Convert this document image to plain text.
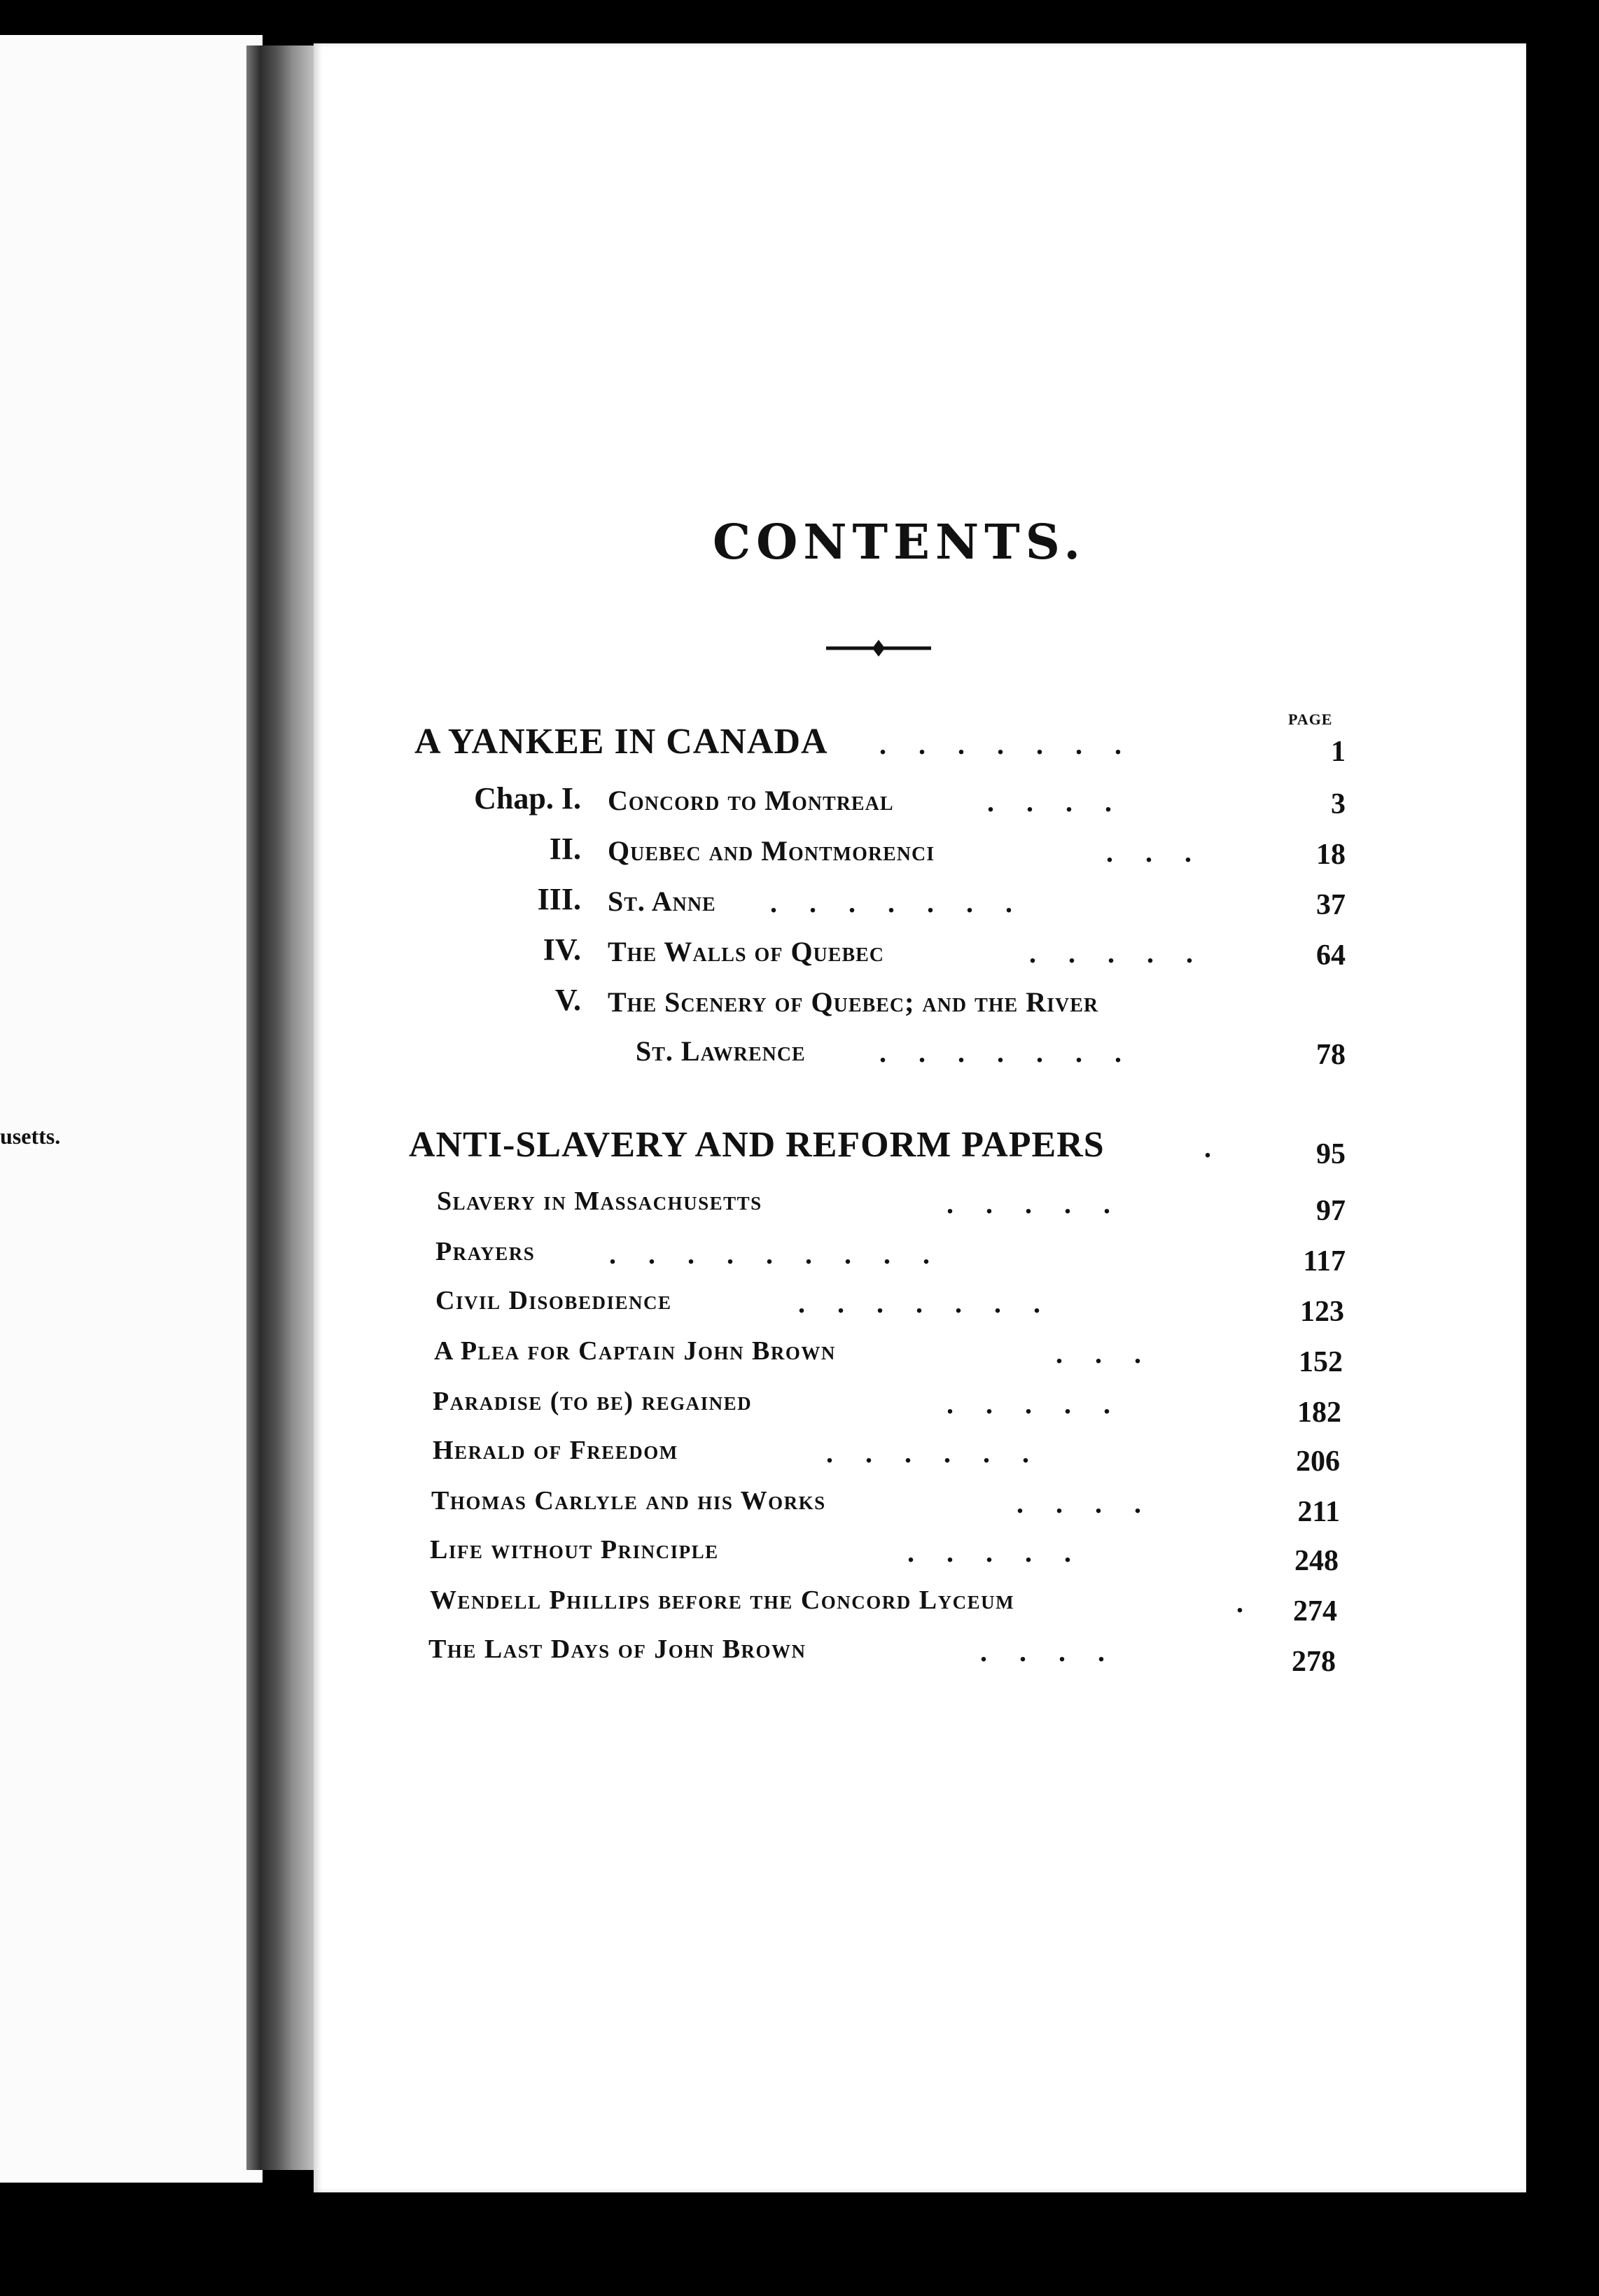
usetts.
CONTENTS.
PAGE
A YANKEE IN CANADA .......	1
Chap. I. Concord to Montreal	....	3
II. Quebec and Montmorenci	...	18
III. St. Anne .......	37
IV. The Walls of Quebec	.....	64
V. The Scenery of Quebec; and the River
St. Lawrence	.......	78
ANTI-SLAVERY AND REFORM PAPERS	.	95
Slavery in Massachusetts	.....	97
Prayers	.........	117
Civil Disobedience	.......	123
A Plea for Captain John Brown	...	152
Paradise (to be) regained	.....	182
Herald of Freedom	......	206
Thomas Carlyle and his Works	....	211
Life without Principle	.....	248
Wendell Phillips before the Concord Lyceum	. 274
The Last Days of John Brown	....	278
